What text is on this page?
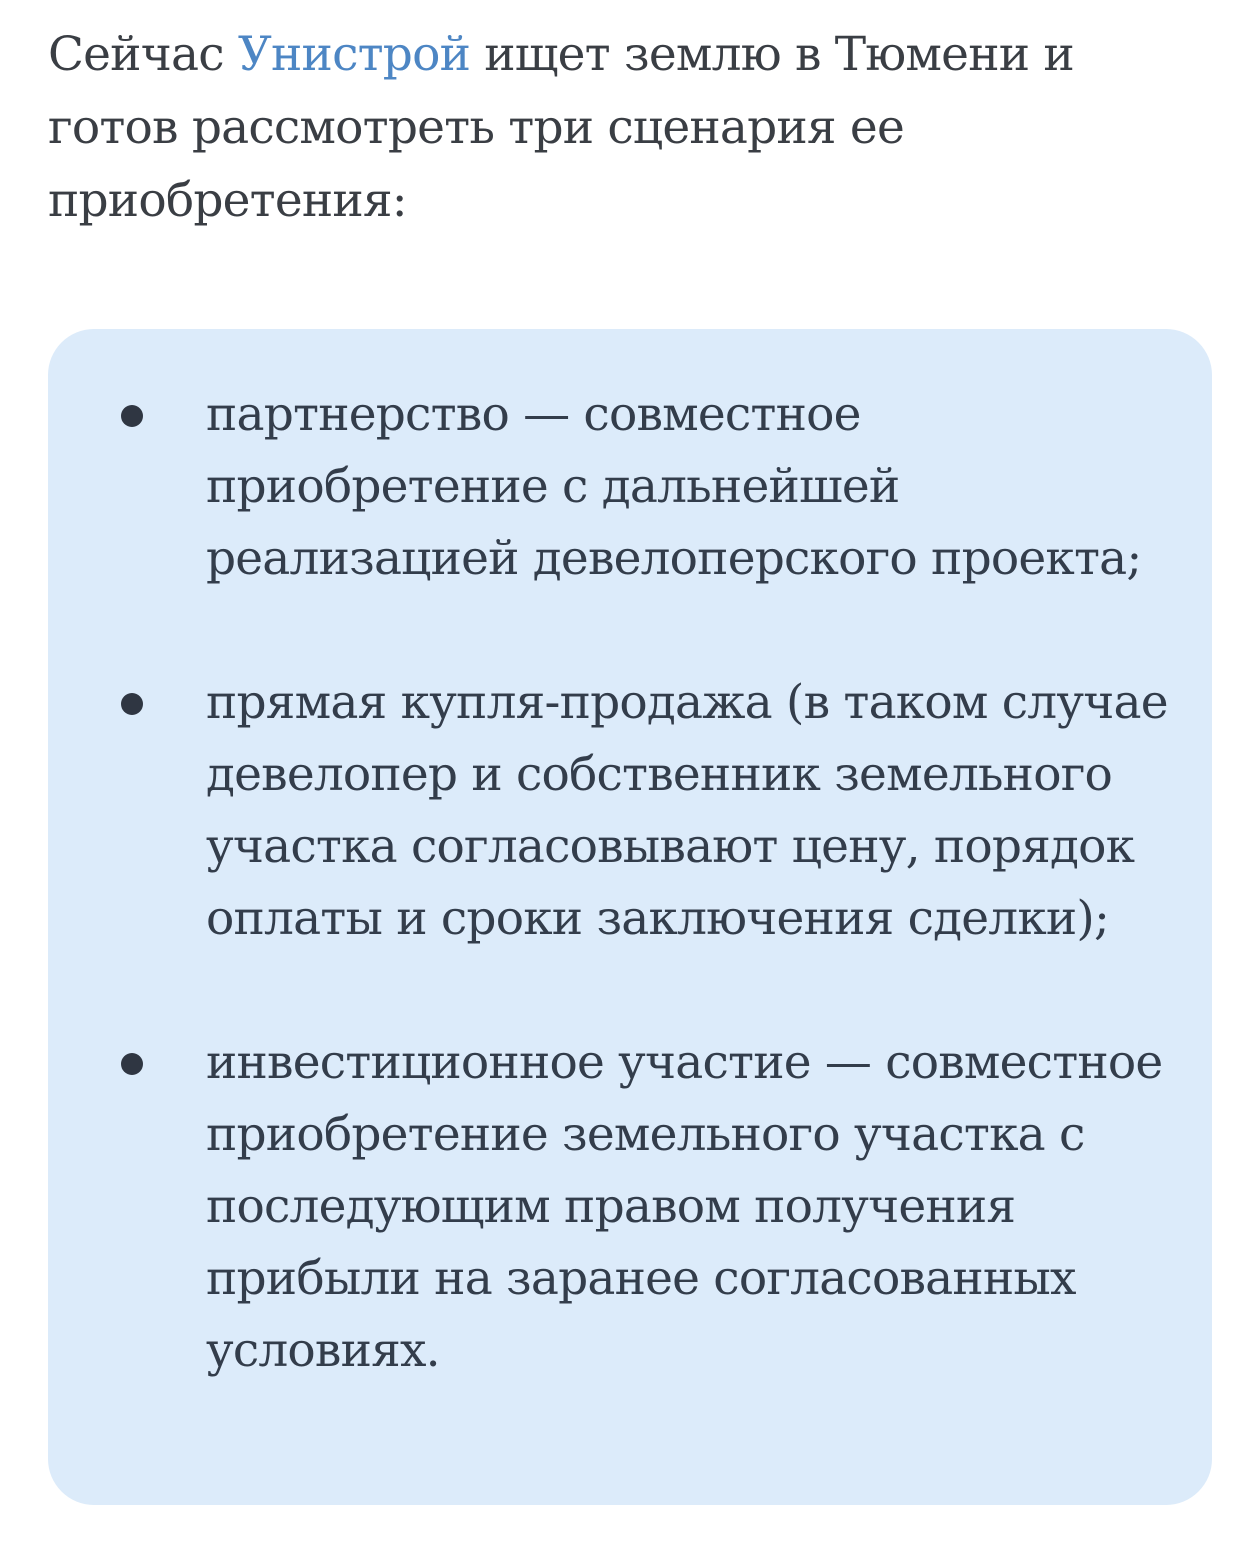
Сейчас Унистрой ищет землю в Тюмени и готов рассмотреть три сценария ее приобретения:

партнерство — совместное приобретение с дальнейшей реализацией девелоперского проекта;
прямая купля-продажа (в таком случае девелопер и собственник земельного участка согласовывают цену, порядок оплаты и сроки заключения сделки);
инвестиционное участие — совместное приобретение земельного участка с последующим правом получения прибыли на заранее согласованных условиях.
